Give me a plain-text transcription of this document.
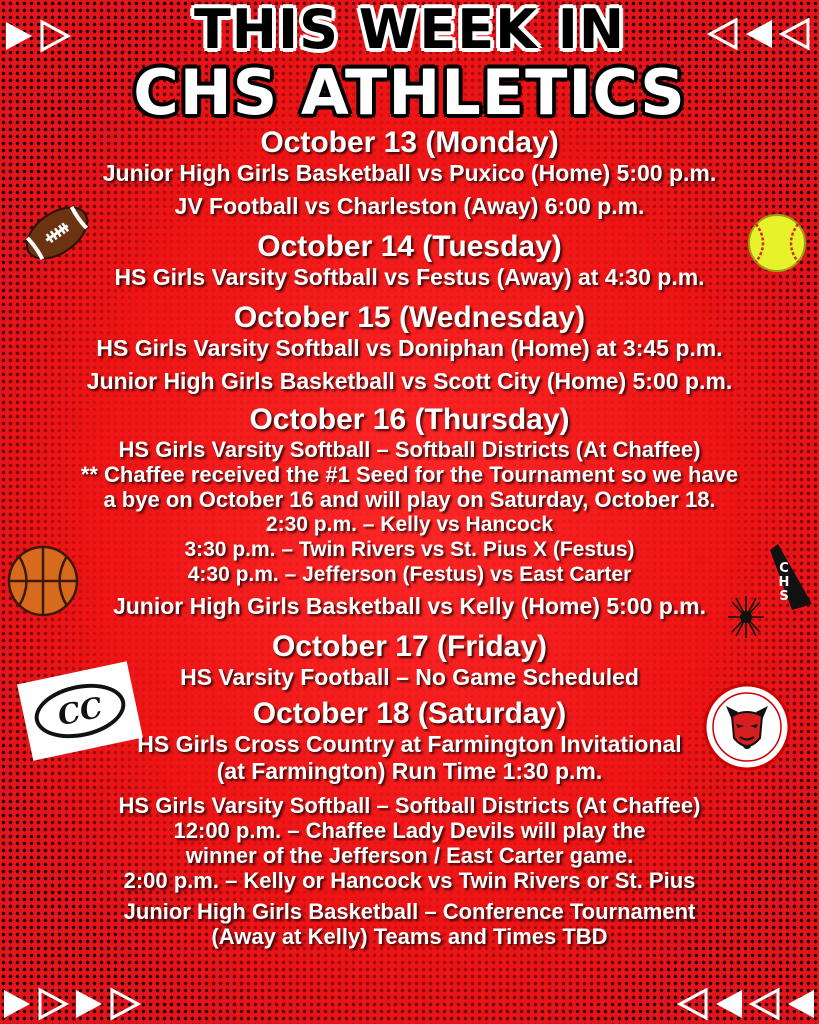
THIS WEEK IN
CHS ATHLETICS
CHS
CC
October 13 (Monday)
Junior High Girls Basketball vs Puxico (Home) 5:00 p.m.
JV Football vs Charleston (Away) 6:00 p.m.
October 14 (Tuesday)
HS Girls Varsity Softball vs Festus (Away) at 4:30 p.m.
October 15 (Wednesday)
HS Girls Varsity Softball vs Doniphan (Home) at 3:45 p.m.
Junior High Girls Basketball vs Scott City (Home) 5:00 p.m.
October 16 (Thursday)
HS Girls Varsity Softball – Softball Districts (At Chaffee)
** Chaffee received the #1 Seed for the Tournament so we have
a bye on October 16 and will play on Saturday, October 18.
2:30 p.m. – Kelly vs Hancock
3:30 p.m. – Twin Rivers vs St. Pius X (Festus)
4:30 p.m. – Jefferson (Festus) vs East Carter
Junior High Girls Basketball vs Kelly (Home) 5:00 p.m.
October 17 (Friday)
HS Varsity Football – No Game Scheduled
October 18 (Saturday)
HS Girls Cross Country at Farmington Invitational
(at Farmington) Run Time 1:30 p.m.
HS Girls Varsity Softball – Softball Districts (At Chaffee)
12:00 p.m. – Chaffee Lady Devils will play the
winner of the Jefferson / East Carter game.
2:00 p.m. – Kelly or Hancock vs Twin Rivers or St. Pius
Junior High Girls Basketball – Conference Tournament
(Away at Kelly) Teams and Times TBD
